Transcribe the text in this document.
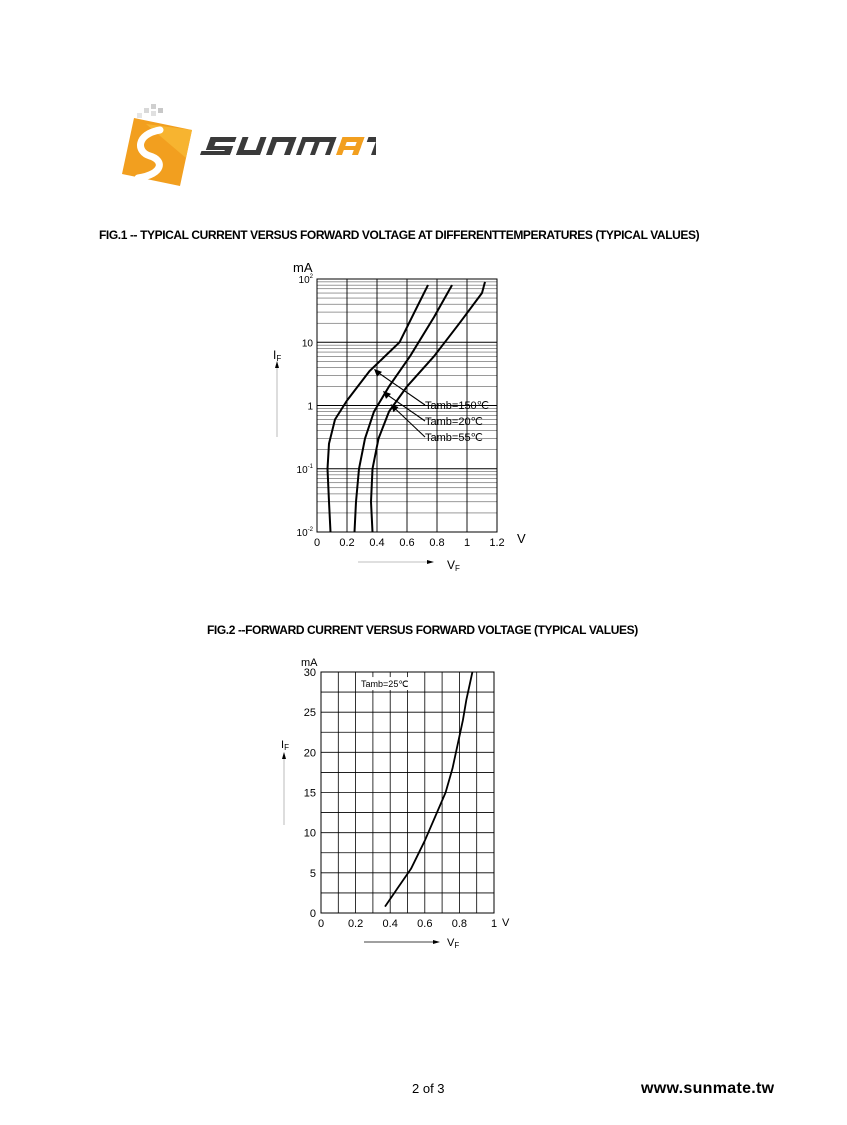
FIG.1 -- TYPICAL CURRENT VERSUS FORWARD VOLTAGE AT DIFFERENTTEMPERATURES (TYPICAL VALUES)
0 0.2 0.4 0.6 0.8 1 1.2
$10^2$
10
1
$10^{-1}$
$10^{-2}$
mA
IF
VF
V
Tamb=150℃
Tamb=20℃
Tamb=55℃
FIG.2 --FORWARD CURRENT VERSUS FORWARD VOLTAGE (TYPICAL VALUES)
0 0.2 0.4 0.6 0.8 1
30
25
20
15
10
5
0
mA
IF
VF
V
Tamb=25℃
2 of 3	www.sunmate.tw
